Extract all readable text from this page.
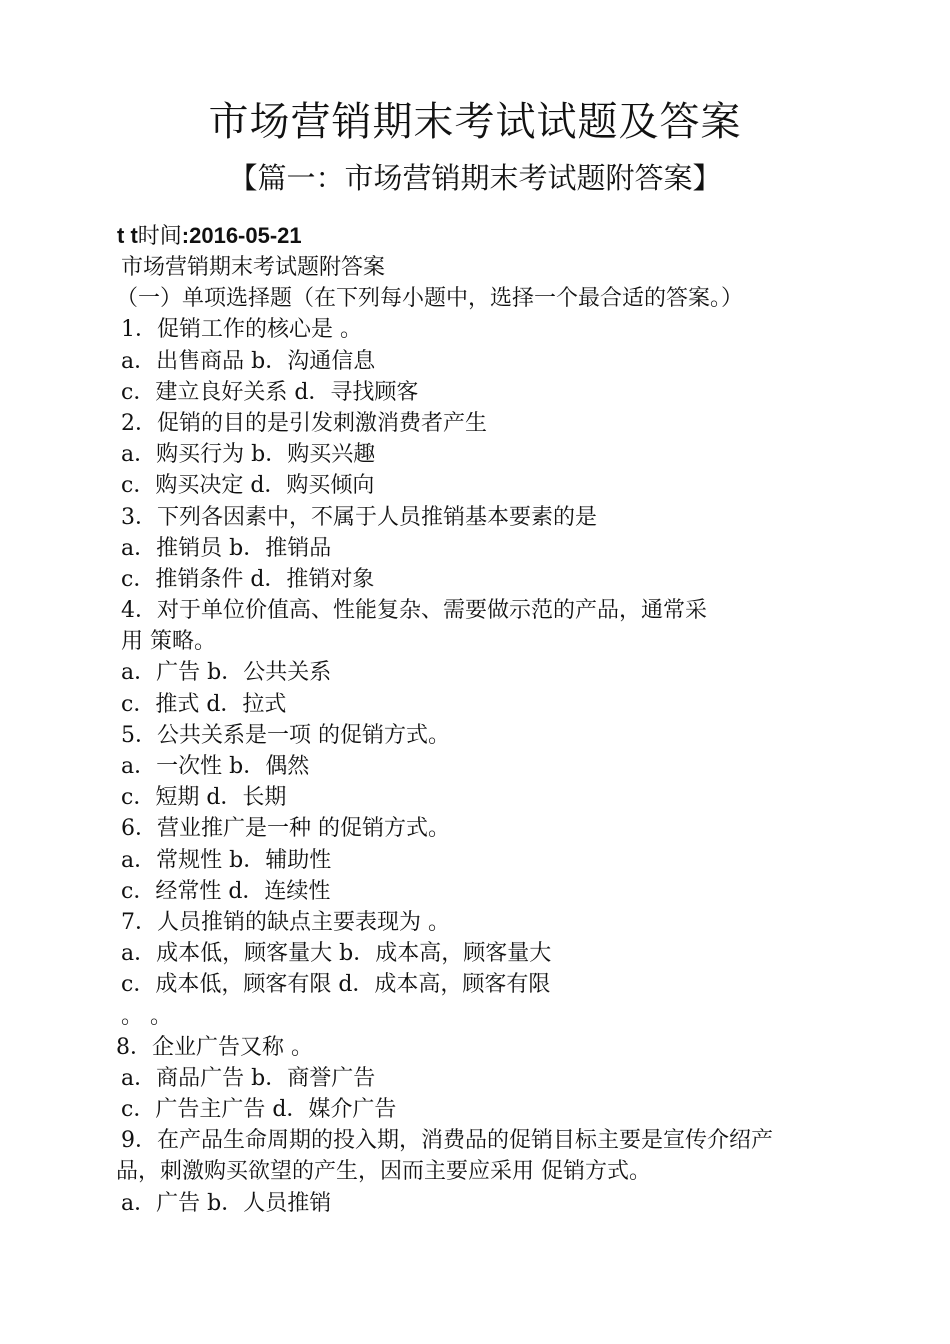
市场营销期末考试试题及答案
【篇一：市场营销期末考试题附答案】
t t时间:2016-05-21
市场营销期末考试题附答案
（一）单项选择题（在下列每小题中，选择一个最合适的答案。）
1．促销工作的核心是 。
a．出售商品 b．沟通信息
c．建立良好关系 d．寻找顾客
2．促销的目的是引发刺激消费者产生
a．购买行为 b．购买兴趣
c．购买决定 d．购买倾向
3．下列各因素中，不属于人员推销基本要素的是
a．推销员 b．推销品
c．推销条件 d．推销对象
4．对于单位价值高、性能复杂、需要做示范的产品，通常采
用 策略。
a．广告 b．公共关系
c．推式 d．拉式
5．公共关系是一项 的促销方式。
a．一次性 b．偶然
c．短期 d．长期
6．营业推广是一种 的促销方式。
a．常规性 b．辅助性
c．经常性 d．连续性
7．人员推销的缺点主要表现为 。
a．成本低，顾客量大 b．成本高，顾客量大
c．成本低，顾客有限 d．成本高，顾客有限
。 。
8．企业广告又称 。
a．商品广告 b．商誉广告
c．广告主广告 d．媒介广告
9．在产品生命周期的投入期，消费品的促销目标主要是宣传介绍产
品，刺激购买欲望的产生，因而主要应采用 促销方式。
a．广告 b．人员推销
